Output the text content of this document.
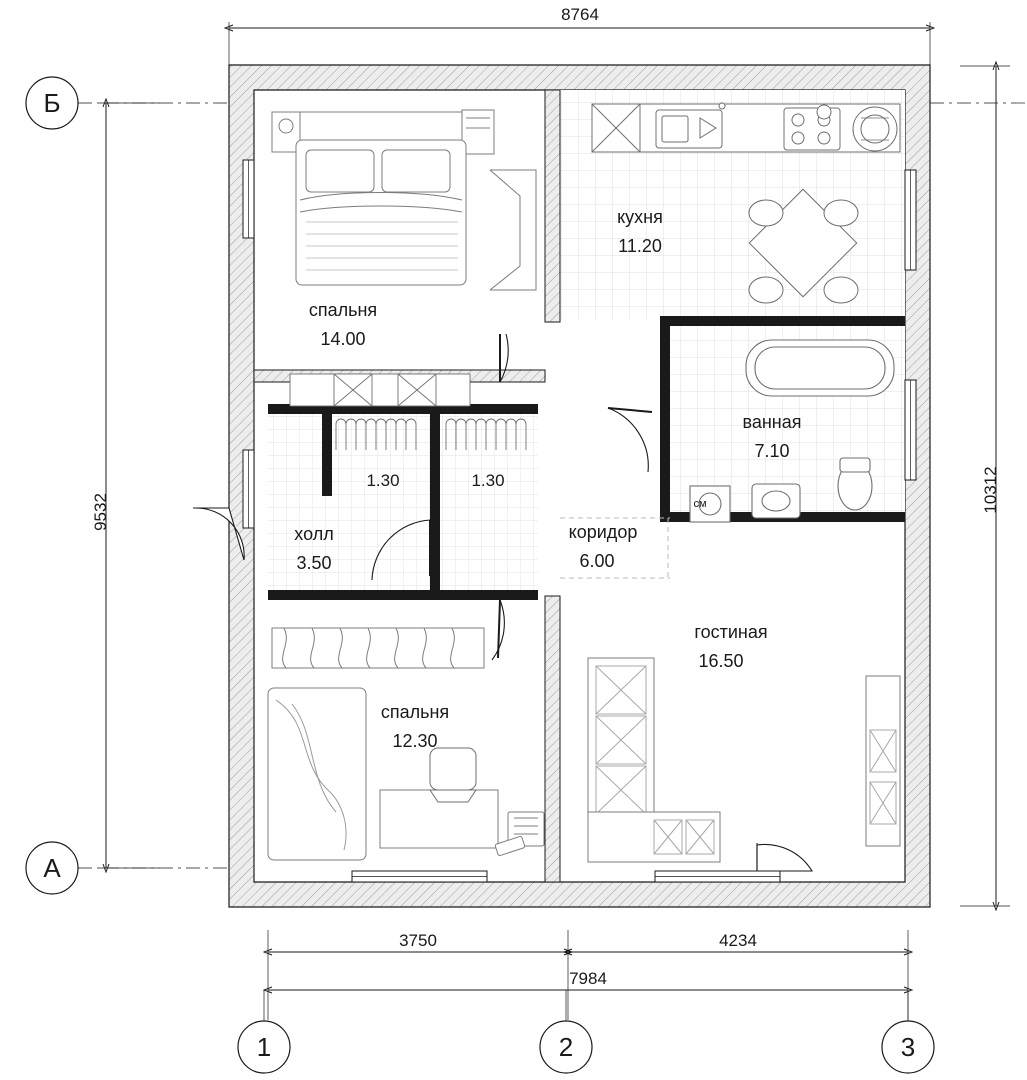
спальня
14.00
кухня
11.20
ванная
7.10
холл
3.50
коридор
6.00
гостиная
16.50
спальня
12.30
1.30	1.30
см
8764
9532	10312
3750	4234
7984
Б
А
1	2	3
